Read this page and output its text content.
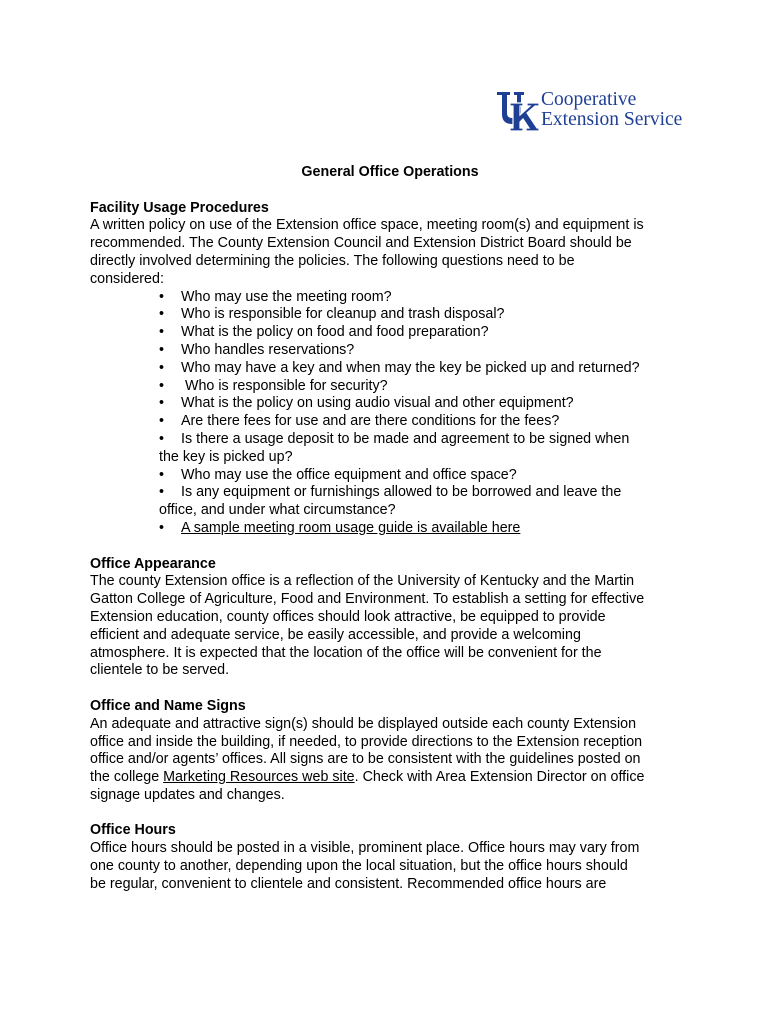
Cooperative
Extension Service
General Office Operations
Facility Usage Procedures
A written policy on use of the Extension office space, meeting room(s) and equipment is
recommended. The County Extension Council and Extension District Board should be
directly involved determining the policies. The following questions need to be
considered:
• Who may use the meeting room?
• Who is responsible for cleanup and trash disposal?
• What is the policy on food and food preparation?
• Who handles reservations?
• Who may have a key and when may the key be picked up and returned?
• Who is responsible for security?
• What is the policy on using audio visual and other equipment?
• Are there fees for use and are there conditions for the fees?
• Is there a usage deposit to be made and agreement to be signed when
the key is picked up?
• Who may use the office equipment and office space?
• Is any equipment or furnishings allowed to be borrowed and leave the
office, and under what circumstance?
• A sample meeting room usage guide is available here
Office Appearance
The county Extension office is a reflection of the University of Kentucky and the Martin
Gatton College of Agriculture, Food and Environment. To establish a setting for effective
Extension education, county offices should look attractive, be equipped to provide
efficient and adequate service, be easily accessible, and provide a welcoming
atmosphere. It is expected that the location of the office will be convenient for the
clientele to be served.
Office and Name Signs
An adequate and attractive sign(s) should be displayed outside each county Extension
office and inside the building, if needed, to provide directions to the Extension reception
office and/or agents’ offices. All signs are to be consistent with the guidelines posted on
the college Marketing Resources web site. Check with Area Extension Director on office
signage updates and changes.
Office Hours
Office hours should be posted in a visible, prominent place. Office hours may vary from
one county to another, depending upon the local situation, but the office hours should
be regular, convenient to clientele and consistent. Recommended office hours are
